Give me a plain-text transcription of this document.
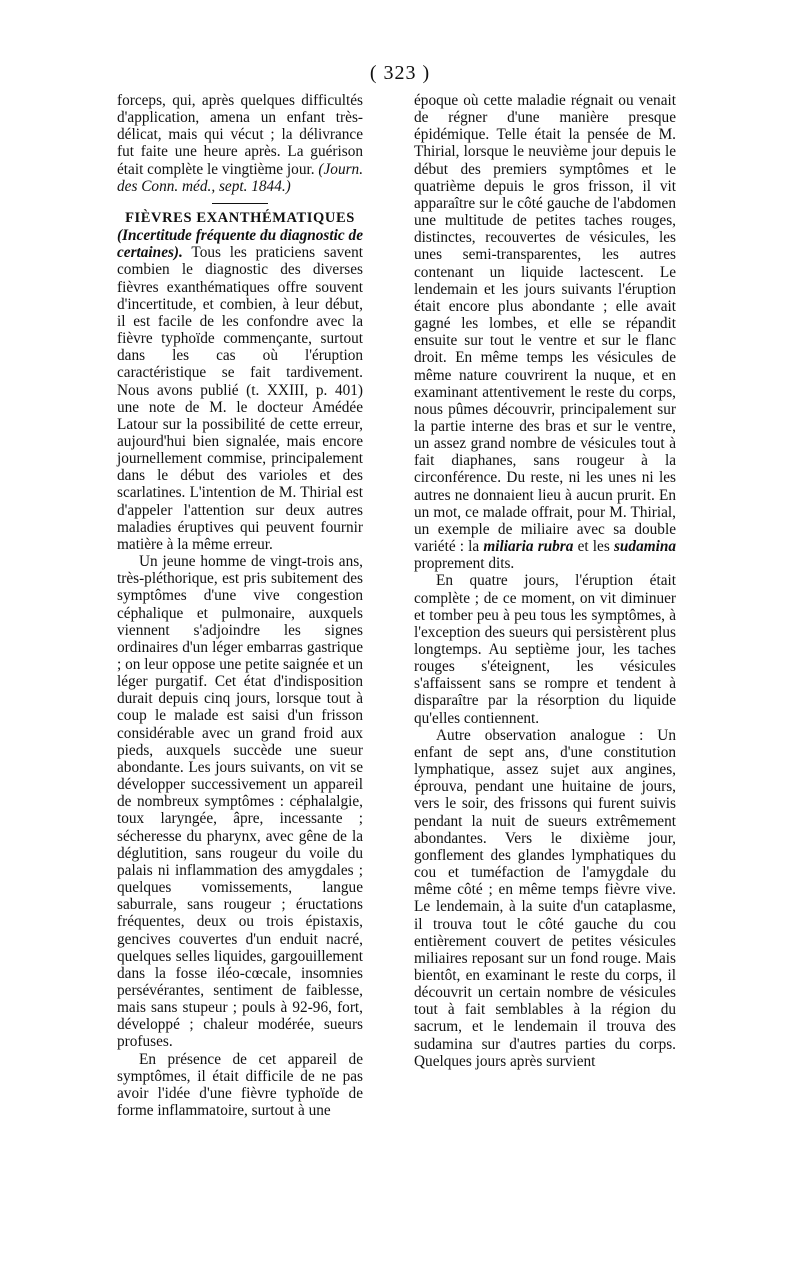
( 323 )

forceps, qui, après quelques difficultés d'application, amena un enfant très-délicat, mais qui vécut ; la délivrance fut faite une heure après. La guérison était complète le vingtième jour. (Journ. des Conn. méd., sept. 1844.)

FIÈVRES EXANTHÉMATIQUES

(Incertitude fréquente du diagnostic de certaines). Tous les praticiens savent combien le diagnostic des diverses fièvres exanthématiques offre souvent d'incertitude, et combien, à leur début, il est facile de les confondre avec la fièvre typhoïde commençante, surtout dans les cas où l'éruption caractéristique se fait tardivement. Nous avons publié (t. XXIII, p. 401) une note de M. le docteur Amédée Latour sur la possibilité de cette erreur, aujourd'hui bien signalée, mais encore journellement commise, principalement dans le début des varioles et des scarlatines. L'intention de M. Thirial est d'appeler l'attention sur deux autres maladies éruptives qui peuvent fournir matière à la même erreur.

Un jeune homme de vingt-trois ans, très-pléthorique, est pris subitement des symptômes d'une vive congestion céphalique et pulmonaire, auxquels viennent s'adjoindre les signes ordinaires d'un léger embarras gastrique ; on leur oppose une petite saignée et un léger purgatif. Cet état d'indisposition durait depuis cinq jours, lorsque tout à coup le malade est saisi d'un frisson considérable avec un grand froid aux pieds, auxquels succède une sueur abondante. Les jours suivants, on vit se développer successivement un appareil de nombreux symptômes : céphalalgie, toux laryngée, âpre, incessante ; sécheresse du pharynx, avec gêne de la déglutition, sans rougeur du voile du palais ni inflammation des amygdales ; quelques vomissements, langue saburrale, sans rougeur ; éructations fréquentes, deux ou trois épistaxis, gencives couvertes d'un enduit nacré, quelques selles liquides, gargouillement dans la fosse iléo-cœcale, insomnies persévérantes, sentiment de faiblesse, mais sans stupeur ; pouls à 92-96, fort, développé ; chaleur modérée, sueurs profuses.

En présence de cet appareil de symptômes, il était difficile de ne pas avoir l'idée d'une fièvre typhoïde de forme inflammatoire, surtout à une

époque où cette maladie régnait ou venait de régner d'une manière presque épidémique. Telle était la pensée de M. Thirial, lorsque le neuvième jour depuis le début des premiers symptômes et le quatrième depuis le gros frisson, il vit apparaître sur le côté gauche de l'abdomen une multitude de petites taches rouges, distinctes, recouvertes de vésicules, les unes semi-transparentes, les autres contenant un liquide lactescent. Le lendemain et les jours suivants l'éruption était encore plus abondante ; elle avait gagné les lombes, et elle se répandit ensuite sur tout le ventre et sur le flanc droit. En même temps les vésicules de même nature couvrirent la nuque, et en examinant attentivement le reste du corps, nous pûmes découvrir, principalement sur la partie interne des bras et sur le ventre, un assez grand nombre de vésicules tout à fait diaphanes, sans rougeur à la circonférence. Du reste, ni les unes ni les autres ne donnaient lieu à aucun prurit. En un mot, ce malade offrait, pour M. Thirial, un exemple de miliaire avec sa double variété : la miliaria rubra et les sudamina proprement dits.

En quatre jours, l'éruption était complète ; de ce moment, on vit diminuer et tomber peu à peu tous les symptômes, à l'exception des sueurs qui persistèrent plus longtemps. Au septième jour, les taches rouges s'éteignent, les vésicules s'affaissent sans se rompre et tendent à disparaître par la résorption du liquide qu'elles contiennent.

Autre observation analogue : Un enfant de sept ans, d'une constitution lymphatique, assez sujet aux angines, éprouva, pendant une huitaine de jours, vers le soir, des frissons qui furent suivis pendant la nuit de sueurs extrêmement abondantes. Vers le dixième jour, gonflement des glandes lymphatiques du cou et tuméfaction de l'amygdale du même côté ; en même temps fièvre vive. Le lendemain, à la suite d'un cataplasme, il trouva tout le côté gauche du cou entièrement couvert de petites vésicules miliaires reposant sur un fond rouge. Mais bientôt, en examinant le reste du corps, il découvrit un certain nombre de vésicules tout à fait semblables à la région du sacrum, et le lendemain il trouva des sudamina sur d'autres parties du corps. Quelques jours après survient
